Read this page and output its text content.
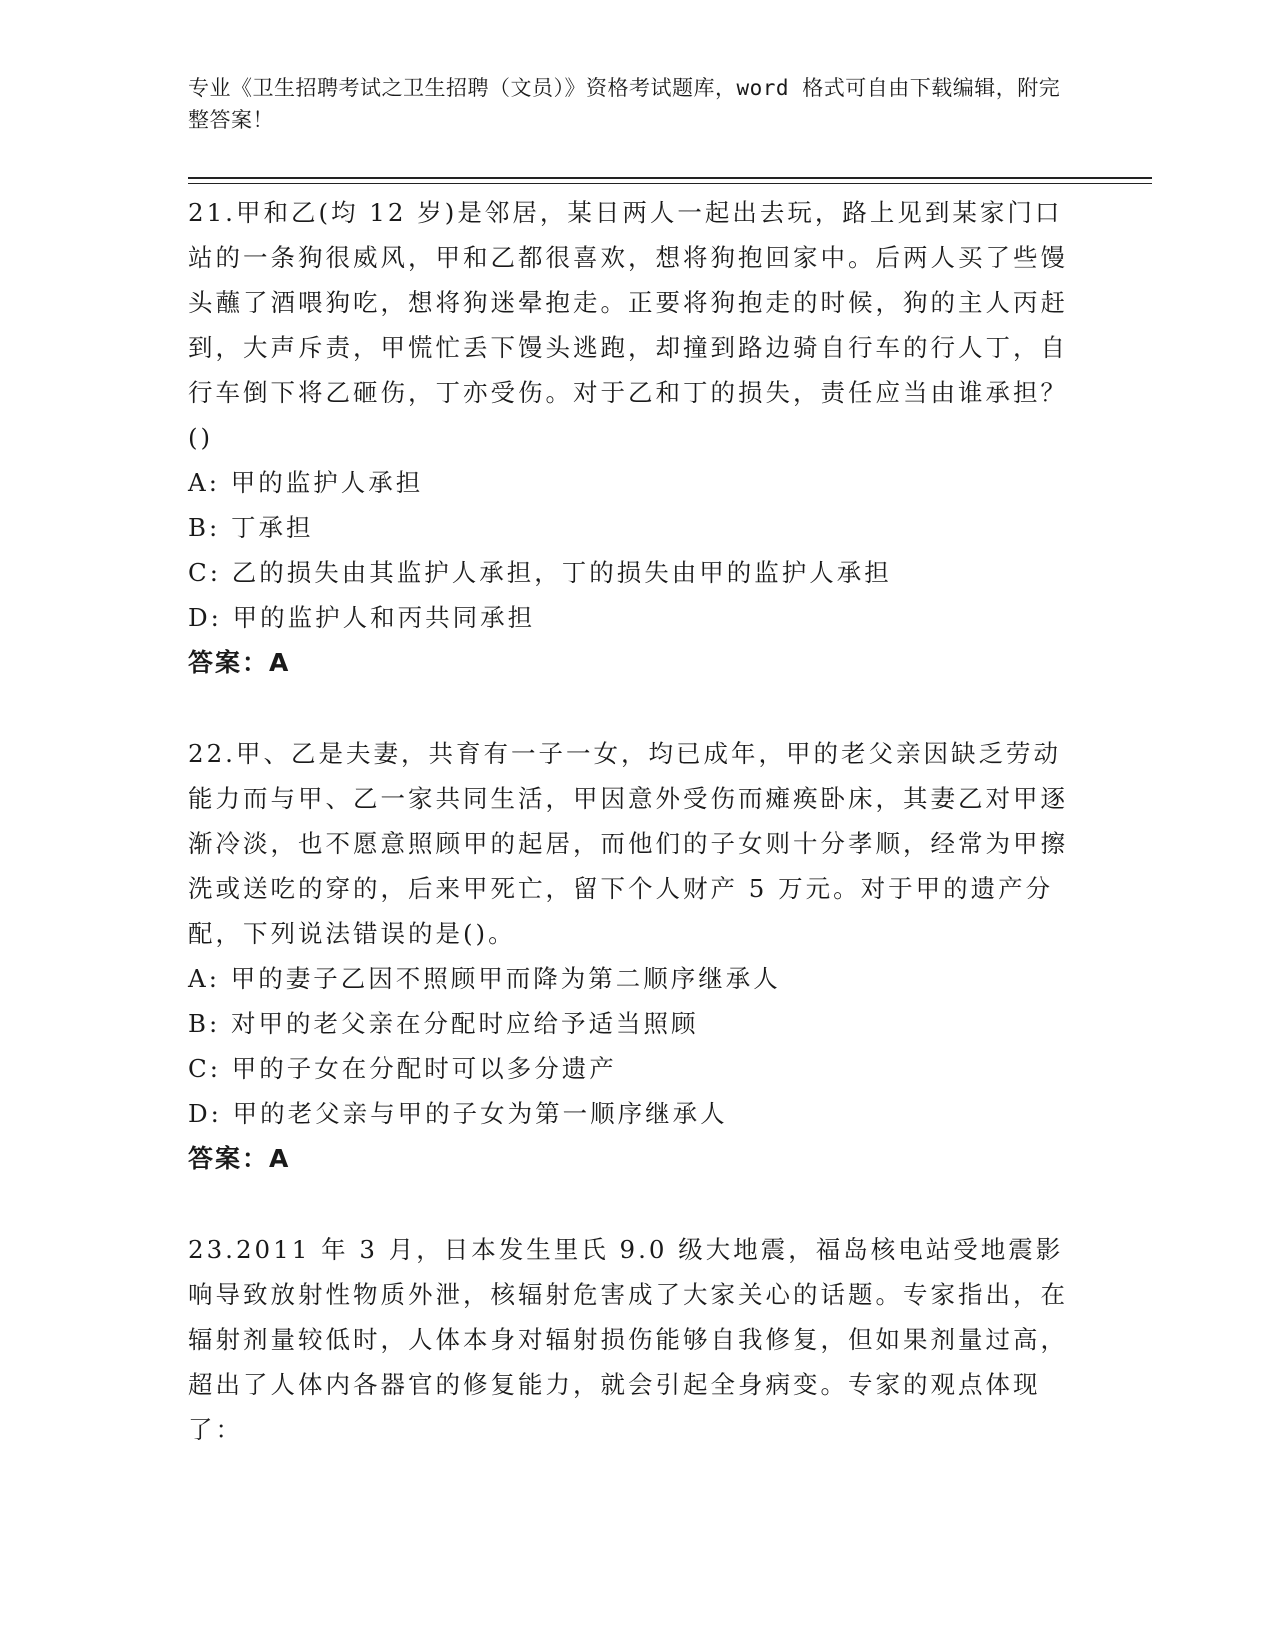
专业《卫生招聘考试之卫生招聘（文员）》资格考试题库，word 格式可自由下载编辑，附完整答案！

21.甲和乙(均 12 岁)是邻居，某日两人一起出去玩，路上见到某家门口站的一条狗很威风，甲和乙都很喜欢，想将狗抱回家中。后两人买了些馒头蘸了酒喂狗吃，想将狗迷晕抱走。正要将狗抱走的时候，狗的主人丙赶到，大声斥责，甲慌忙丢下馒头逃跑，却撞到路边骑自行车的行人丁，自行车倒下将乙砸伤，丁亦受伤。对于乙和丁的损失，责任应当由谁承担？()

A: 甲的监护人承担
B: 丁承担
C: 乙的损失由其监护人承担，丁的损失由甲的监护人承担
D: 甲的监护人和丙共同承担
答案：A

22.甲、乙是夫妻，共育有一子一女，均已成年，甲的老父亲因缺乏劳动能力而与甲、乙一家共同生活，甲因意外受伤而瘫痪卧床，其妻乙对甲逐渐冷淡，也不愿意照顾甲的起居，而他们的子女则十分孝顺，经常为甲擦洗或送吃的穿的，后来甲死亡，留下个人财产 5 万元。对于甲的遗产分配，下列说法错误的是()。

A: 甲的妻子乙因不照顾甲而降为第二顺序继承人
B: 对甲的老父亲在分配时应给予适当照顾
C: 甲的子女在分配时可以多分遗产
D: 甲的老父亲与甲的子女为第一顺序继承人
答案：A

23.2011 年 3 月，日本发生里氏 9.0 级大地震，福岛核电站受地震影响导致放射性物质外泄，核辐射危害成了大家关心的话题。专家指出，在辐射剂量较低时，人体本身对辐射损伤能够自我修复，但如果剂量过高，超出了人体内各器官的修复能力，就会引起全身病变。专家的观点体现了：
